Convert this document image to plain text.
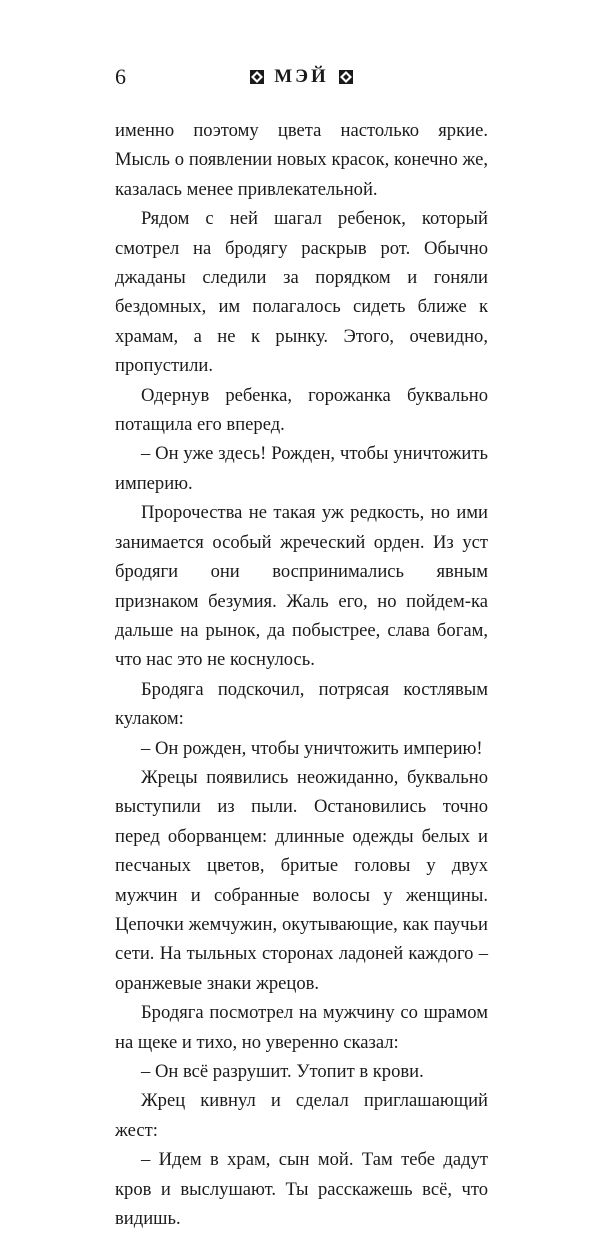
6	МЭЙ

именно поэтому цвета настолько яркие. Мысль о появлении новых красок, конечно же, казалась менее привлекательной.

Рядом с ней шагал ребенок, который смотрел на бродягу раскрыв рот. Обычно джаданы следили за порядком и гоняли бездомных, им полагалось сидеть ближе к храмам, а не к рынку. Этого, очевидно, пропустили.

Одернув ребенка, горожанка буквально потащила его вперед.

– Он уже здесь! Рожден, чтобы уничтожить империю.

Пророчества не такая уж редкость, но ими занимается особый жреческий орден. Из уст бродяги они воспринимались явным признаком безумия. Жаль его, но пойдем-ка дальше на рынок, да побыстрее, слава богам, что нас это не коснулось.

Бродяга подскочил, потрясая костлявым кулаком:

– Он рожден, чтобы уничтожить империю!

Жрецы появились неожиданно, буквально выступили из пыли. Остановились точно перед оборванцем: длинные одежды белых и песчаных цветов, бритые головы у двух мужчин и собранные волосы у женщины. Цепочки жемчужин, окутывающие, как паучьи сети. На тыльных сторонах ладоней каждого – оранжевые знаки жрецов.

Бродяга посмотрел на мужчину со шрамом на щеке и тихо, но уверенно сказал:

– Он всё разрушит. Утопит в крови.

Жрец кивнул и сделал приглашающий жест:

– Идем в храм, сын мой. Там тебе дадут кров и выслушают. Ты расскажешь всё, что видишь.
